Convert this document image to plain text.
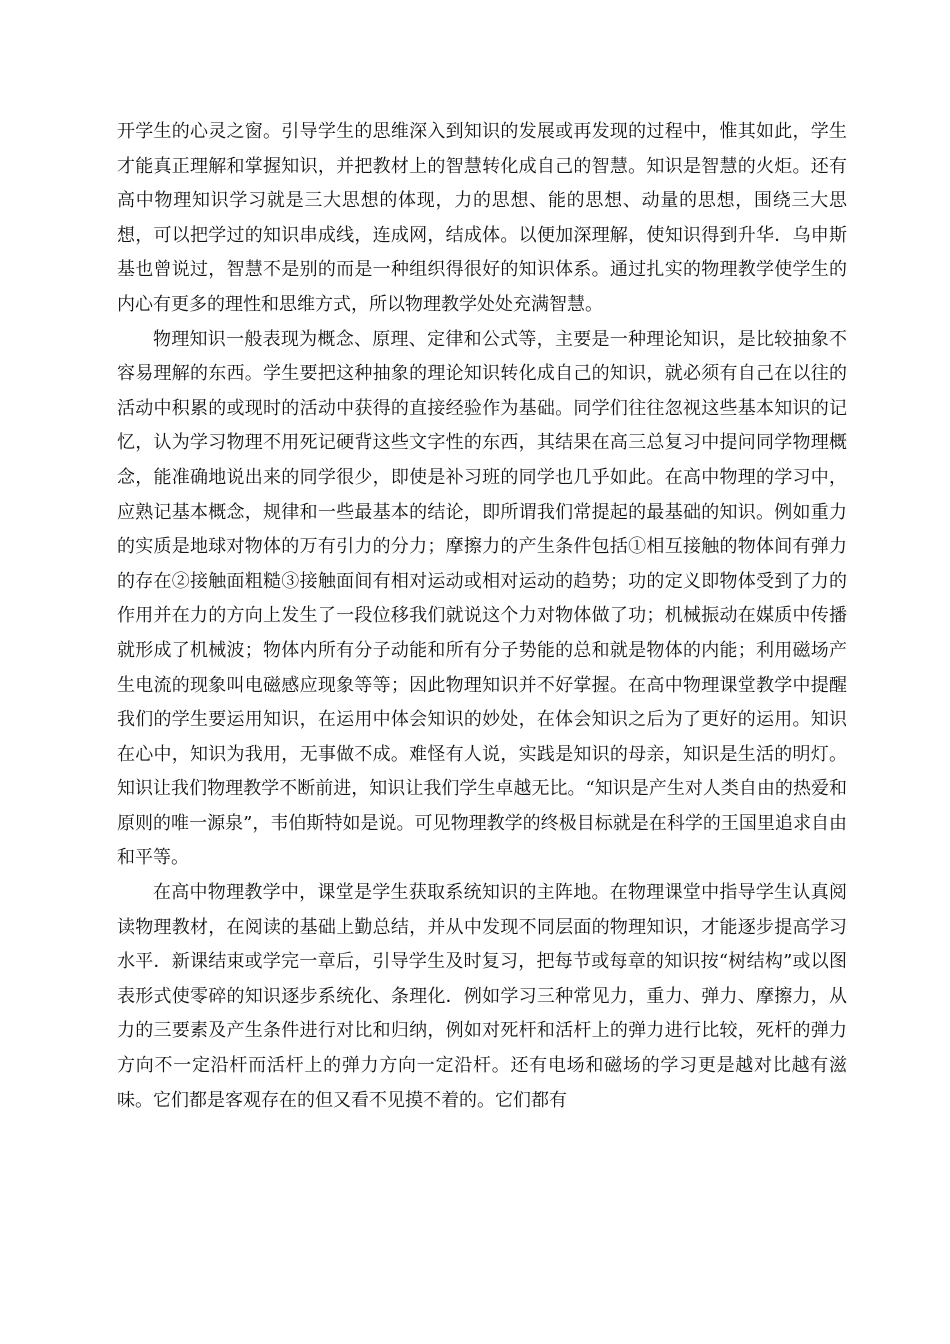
开学生的心灵之窗。引导学生的思维深入到知识的发展或再发现的过程中，惟其如此，学生才能真正理解和掌握知识，并把教材上的智慧转化成自己的智慧。知识是智慧的火炬。还有高中物理知识学习就是三大思想的体现，力的思想、能的思想、动量的思想，围绕三大思想，可以把学过的知识串成线，连成网，结成体。以便加深理解，使知识得到升华．乌申斯基也曾说过，智慧不是别的而是一种组织得很好的知识体系。通过扎实的物理教学使学生的内心有更多的理性和思维方式，所以物理教学处处充满智慧。

物理知识一般表现为概念、原理、定律和公式等，主要是一种理论知识，是比较抽象不容易理解的东西。学生要把这种抽象的理论知识转化成自己的知识，就必须有自己在以往的活动中积累的或现时的活动中获得的直接经验作为基础。同学们往往忽视这些基本知识的记忆，认为学习物理不用死记硬背这些文字性的东西，其结果在高三总复习中提问同学物理概念，能准确地说出来的同学很少，即使是补习班的同学也几乎如此。在高中物理的学习中，应熟记基本概念，规律和一些最基本的结论，即所谓我们常提起的最基础的知识。例如重力的实质是地球对物体的万有引力的分力；摩擦力的产生条件包括①相互接触的物体间有弹力的存在②接触面粗糙③接触面间有相对运动或相对运动的趋势；功的定义即物体受到了力的作用并在力的方向上发生了一段位移我们就说这个力对物体做了功；机械振动在媒质中传播就形成了机械波；物体内所有分子动能和所有分子势能的总和就是物体的内能；利用磁场产生电流的现象叫电磁感应现象等等；因此物理知识并不好掌握。在高中物理课堂教学中提醒我们的学生要运用知识，在运用中体会知识的妙处，在体会知识之后为了更好的运用。知识在心中，知识为我用，无事做不成。难怪有人说，实践是知识的母亲，知识是生活的明灯。知识让我们物理教学不断前进，知识让我们学生卓越无比。“知识是产生对人类自由的热爱和原则的唯一源泉”，韦伯斯特如是说。可见物理教学的终极目标就是在科学的王国里追求自由和平等。

在高中物理教学中，课堂是学生获取系统知识的主阵地。在物理课堂中指导学生认真阅读物理教材，在阅读的基础上勤总结，并从中发现不同层面的物理知识，才能逐步提高学习水平．新课结束或学完一章后，引导学生及时复习，把每节或每章的知识按“树结构”或以图表形式使零碎的知识逐步系统化、条理化．例如学习三种常见力，重力、弹力、摩擦力，从力的三要素及产生条件进行对比和归纳，例如对死杆和活杆上的弹力进行比较，死杆的弹力方向不一定沿杆而活杆上的弹力方向一定沿杆。还有电场和磁场的学习更是越对比越有滋味。它们都是客观存在的但又看不见摸不着的。它们都有
